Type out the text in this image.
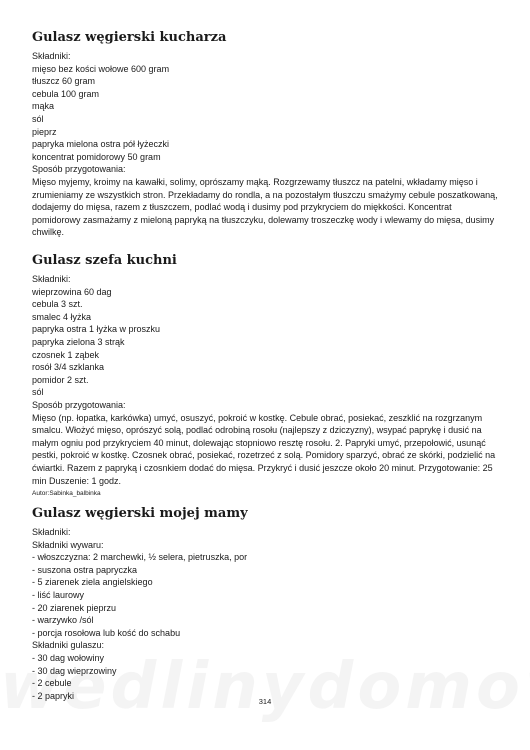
Gulasz węgierski kucharza

Składniki:

mięso bez kości wołowe 600 gram

tłuszcz 60 gram

cebula 100 gram

mąka

sól

pieprz

papryka mielona ostra pół łyżeczki

koncentrat pomidorowy 50 gram

Sposób przygotowania:

Mięso myjemy, kroimy na kawałki, solimy, oprószamy mąką. Rozgrzewamy tłuszcz na patelni, wkładamy mięso i zrumieniamy ze wszystkich stron. Przekładamy do rondla, a na pozostałym tłuszczu smażymy cebule poszatkowaną, dodajemy do mięsa, razem z tłuszczem, podlać wodą i dusimy pod przykryciem do miękkości. Koncentrat pomidorowy zasmażamy z mieloną papryką na tłuszczyku, dolewamy troszeczkę wody i wlewamy do mięsa, dusimy chwilkę.

Gulasz szefa kuchni

Składniki:

wieprzowina 60 dag

cebula 3 szt.

smalec 4 łyżka

papryka ostra 1 łyżka w proszku

papryka zielona 3 strąk

czosnek 1 ząbek

rosół 3/4 szklanka

pomidor 2 szt.

sól

Sposób przygotowania:

Mięso (np. łopatka, karkówka) umyć, osuszyć, pokroić w kostkę. Cebule obrać, posiekać, zeszklić na rozgrzanym smalcu. Włożyć mięso, oprószyć solą, podlać odrobiną rosołu (najlepszy z dziczyzny), wsypać paprykę i dusić na małym ogniu pod przykryciem 40 minut, dolewając stopniowo resztę rosołu. 2. Papryki umyć, przepołowić, usunąć pestki, pokroić w kostkę. Czosnek obrać, posiekać, rozetrzeć z solą. Pomidory sparzyć, obrać ze skórki, podzielić na ćwiartki. Razem z papryką i czosnkiem dodać do mięsa. Przykryć i dusić jeszcze około 20 minut. Przygotowanie: 25 min Duszenie: 1 godz.

Autor:Sabinka_balbinka
Gulasz węgierski mojej mamy

Składniki:

Składniki wywaru:

- włoszczyzna: 2 marchewki, ½ selera, pietruszka, por

- suszona ostra papryczka

- 5 ziarenek ziela angielskiego

- liść laurowy

- 20 ziarenek pieprzu

- warzywko /sól

- porcja rosołowa lub kość do schabu

Składniki gulaszu:

- 30 dag wołowiny

- 30 dag wieprzowiny

- 2 cebule

- 2 papryki

314
